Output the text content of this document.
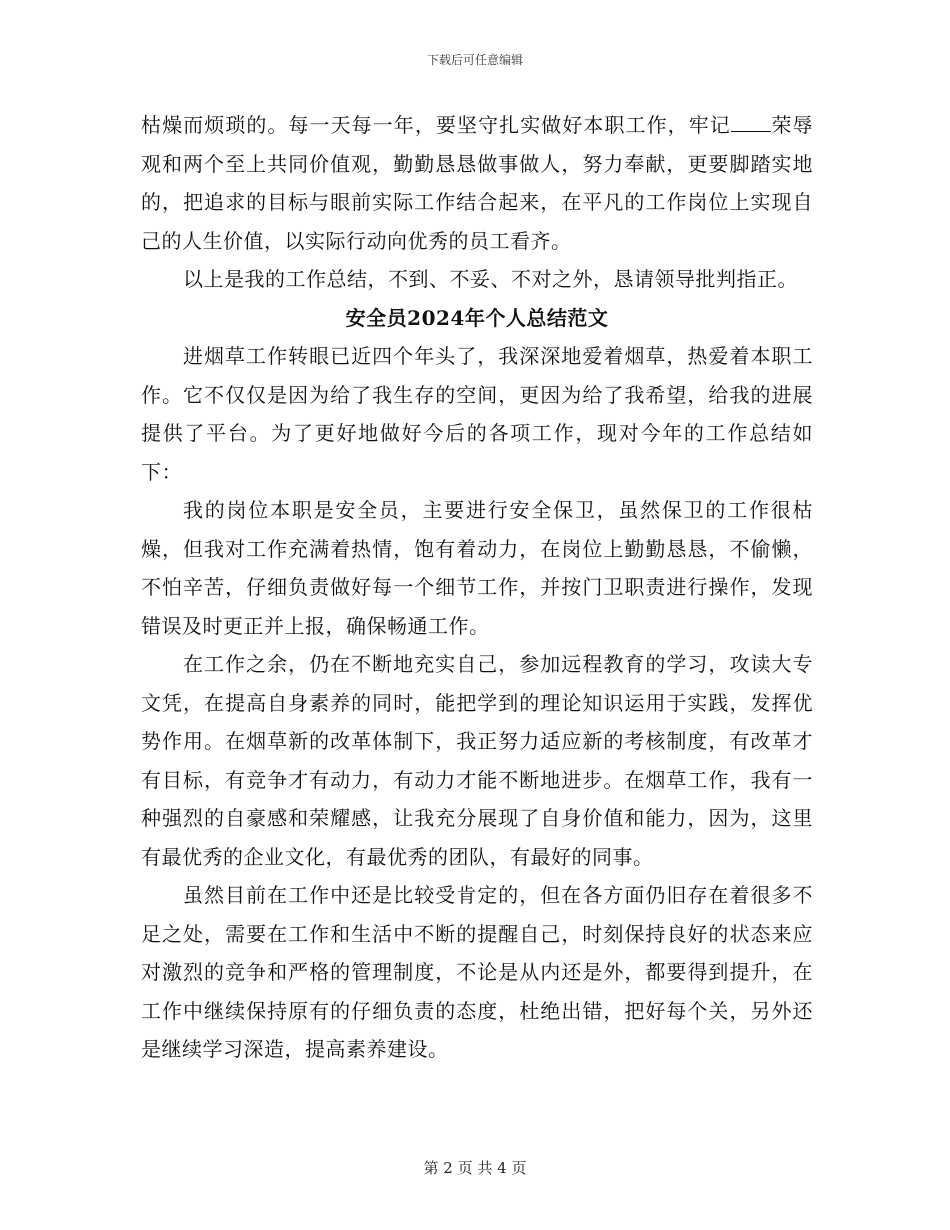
下载后可任意编辑

枯燥而烦琐的。每一天每一年，要坚守扎实做好本职工作，牢记 荣辱观和两个至上共同价值观，勤勤恳恳做事做人，努力奉献，更要脚踏实地的，把追求的目标与眼前实际工作结合起来，在平凡的工作岗位上实现自己的人生价值，以实际行动向优秀的员工看齐。

以上是我的工作总结，不到、不妥、不对之外，恳请领导批判指正。

安全员2024年个人总结范文

进烟草工作转眼已近四个年头了，我深深地爱着烟草，热爱着本职工作。它不仅仅是因为给了我生存的空间，更因为给了我希望，给我的进展提供了平台。为了更好地做好今后的各项工作，现对今年的工作总结如下：

我的岗位本职是安全员，主要进行安全保卫，虽然保卫的工作很枯燥，但我对工作充满着热情，饱有着动力，在岗位上勤勤恳恳，不偷懒，不怕辛苦，仔细负责做好每一个细节工作，并按门卫职责进行操作，发现错误及时更正并上报，确保畅通工作。

在工作之余，仍在不断地充实自己，参加远程教育的学习，攻读大专文凭，在提高自身素养的同时，能把学到的理论知识运用于实践，发挥优势作用。在烟草新的改革体制下，我正努力适应新的考核制度，有改革才有目标，有竞争才有动力，有动力才能不断地进步。在烟草工作，我有一种强烈的自豪感和荣耀感，让我充分展现了自身价值和能力，因为，这里有最优秀的企业文化，有最优秀的团队，有最好的同事。

虽然目前在工作中还是比较受肯定的，但在各方面仍旧存在着很多不足之处，需要在工作和生活中不断的提醒自己，时刻保持良好的状态来应对激烈的竞争和严格的管理制度，不论是从内还是外，都要得到提升，在工作中继续保持原有的仔细负责的态度，杜绝出错，把好每个关，另外还是继续学习深造，提高素养建设。

第 2 页 共 4 页
